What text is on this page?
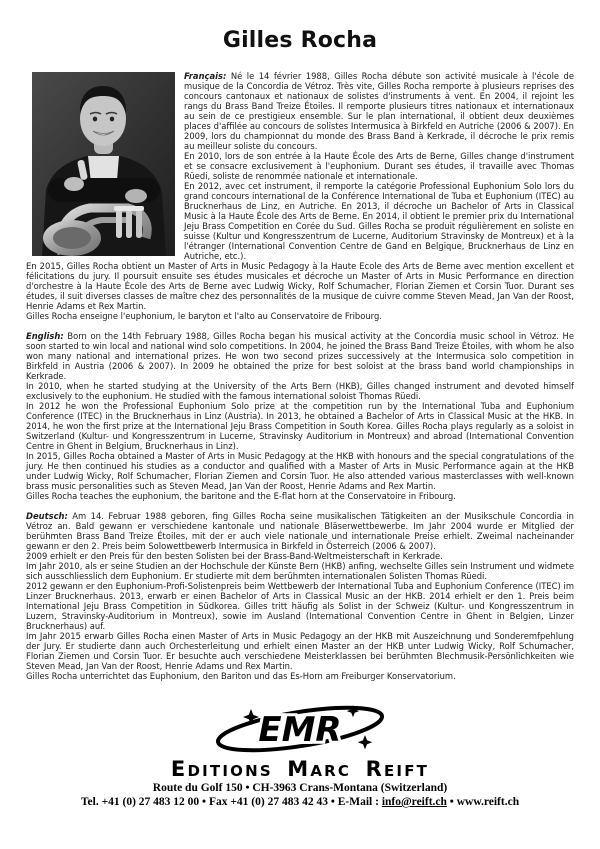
Gilles Rocha

Français: Né le 14 février 1988, Gilles Rocha débute son activité musicale à l'école de musique de la Concordia de Vétroz. Très vite, Gilles Rocha remporte à plusieurs reprises des concours cantonaux et nationaux de solistes d'instruments à vent. En 2004, il rejoint les rangs du Brass Band Treize Étoiles. Il remporte plusieurs titres nationaux et internationaux au sein de ce prestigieux ensemble. Sur le plan international, il obtient deux deuxièmes places d'affilée au concours de solistes Intermusica à Birkfeld en Autriche (2006 & 2007). En 2009, lors du championnat du monde des Brass Band à Kerkrade, il décroche le prix remis au meilleur soliste du concours.

En 2010, lors de son entrée à la Haute École des Arts de Berne, Gilles change d'instrument et se consacre exclusivement à l'euphonium. Durant ses études, il travaille avec Thomas Rüedi, soliste de renommée nationale et internationale.

En 2012, avec cet instrument, il remporte la catégorie Professional Euphonium Solo lors du grand concours international de la Conférence International de Tuba et Euphonium (ITEC) au Brucknerhaus de Linz, en Autriche. En 2013, il décroche un Bachelor of Arts in Classical Music à la Haute École des Arts de Berne. En 2014, il obtient le premier prix du International Jeju Brass Competition en Corée du Sud. Gilles Rocha se produit régulièrement en soliste en suisse (Kultur und Kongresszentrum de Lucerne, Auditorium Stravinsky de Montreux) et à la l'étranger (International Convention Centre de Gand en Belgique, Brucknerhaus de Linz en Autriche, etc.).

En 2015, Gilles Rocha obtient un Master of Arts in Music Pedagogy à la Haute Ecole des Arts de Berne avec mention excellent et félicitations du jury. Il poursuit ensuite ses études musicales et décroche un Master of Arts in Music Performance en direction d'orchestre à la Haute École des Arts de Berne avec Ludwig Wicky, Rolf Schumacher, Florian Ziemen et Corsin Tuor. Durant ses études, il suit diverses classes de maître chez des personnalités de la musique de cuivre comme Steven Mead, Jan Van der Roost, Henrie Adams et Rex Martin.

Gilles Rocha enseigne l'euphonium, le baryton et l'alto au Conservatoire de Fribourg.

English: Born on the 14th February 1988, Gilles Rocha began his musical activity at the Concordia music school in Vétroz. He soon started to win local and national wind solo competitions. In 2004, he joined the Brass Band Treize Étoiles, with whom he also won many national and international prizes. He won two second prizes successively at the Intermusica solo competition in Birkfeld in Austria (2006 & 2007). In 2009 he obtained the prize for best soloist at the brass band world championships in Kerkrade.

In 2010, when he started studying at the University of the Arts Bern (HKB), Gilles changed instrument and devoted himself exclusively to the euphonium. He studied with the famous international soloist Thomas Rüedi.

In 2012 he won the Professional Euphonium Solo prize at the competition run by the International Tuba and Euphonium Conference (ITEC) in the Brucknerhaus in Linz (Austria). In 2013, he obtained a Bachelor of Arts in Classical Music at the HKB. In 2014, he won the first prize at the International Jeju Brass Competition in South Korea. Gilles Rocha plays regularly as a soloist in Switzerland (Kultur- und Kongresszentrum in Lucerne, Stravinsky Auditorium in Montreux) and abroad (International Convention Centre in Ghent in Belgium, Brucknerhaus in Linz).

In 2015, Gilles Rocha obtained a Master of Arts in Music Pedagogy at the HKB with honours and the special congratulations of the jury. He then continued his studies as a conductor and qualified with a Master of Arts in Music Performance again at the HKB under Ludwig Wicky, Rolf Schumacher, Florian Ziemen and Corsin Tuor. He also attended various masterclasses with well-known brass music personalities such as Steven Mead, Jan Van der Roost, Henrie Adams and Rex Martin.

Gilles Rocha teaches the euphonium, the baritone and the E-flat horn at the Conservatoire in Fribourg.

Deutsch: Am 14. Februar 1988 geboren, fing Gilles Rocha seine musikalischen Tätigkeiten an der Musikschule Concordia in Vétroz an. Bald gewann er verschiedene kantonale und nationale Bläserwettbewerbe. Im Jahr 2004 wurde er Mitglied der berühmten Brass Band Treize Étoiles, mit der er auch viele nationale und internationale Preise erhielt. Zweimal nacheinander gewann er den 2. Preis beim Solowettbewerb Intermusica in Birkfeld in Österreich (2006 & 2007).

2009 erhielt er den Preis für den besten Solisten bei der Brass-Band-Weltmeisterschaft in Kerkrade.

Im Jahr 2010, als er seine Studien an der Hochschule der Künste Bern (HKB) anfing, wechselte Gilles sein Instrument und widmete sich ausschliesslich dem Euphonium. Er studierte mit dem berühmten internationalen Solisten Thomas Rüedi.

2012 gewann er den Euphonium-Profi-Solistenpreis beim Wettbewerb der International Tuba and Euphonium Conference (ITEC) im Linzer Brucknerhaus. 2013, erwarb er einen Bachelor of Arts in Classical Music an der HKB. 2014 erhielt er den 1. Preis beim International Jeju Brass Competition in Südkorea. Gilles tritt häufig als Solist in der Schweiz (Kultur- und Kongresszentrum in Luzern, Stravinsky-Auditorium in Montreux), sowie im Ausland (International Convention Centre in Ghent in Belgien, Linzer Brucknerhaus) auf.

Im Jahr 2015 erwarb Gilles Rocha einen Master of Arts in Music Pedagogy an der HKB mit Auszeichnung und Sonderemfpehlung der Jury. Er studierte dann auch Orchesterleitung und erhielt einen Master an der HKB unter Ludwig Wicky, Rolf Schumacher, Florian Ziemen und Corsin Tuor. Er besuchte auch verschiedene Meisterklassen bei berühmten Blechmusik-Persönlichkeiten wie Steven Mead, Jan Van der Roost, Henrie Adams und Rex Martin.

Gilles Rocha unterrichtet das Euphonium, den Bariton und das Es-Horn am Freiburger Konservatorium.

EMR
EDITIONS MARC REIFT
Route du Golf 150 • CH-3963 Crans-Montana (Switzerland)
Tel. +41 (0) 27 483 12 00 • Fax +41 (0) 27 483 42 43 • E-Mail : info@reift.ch • www.reift.ch
